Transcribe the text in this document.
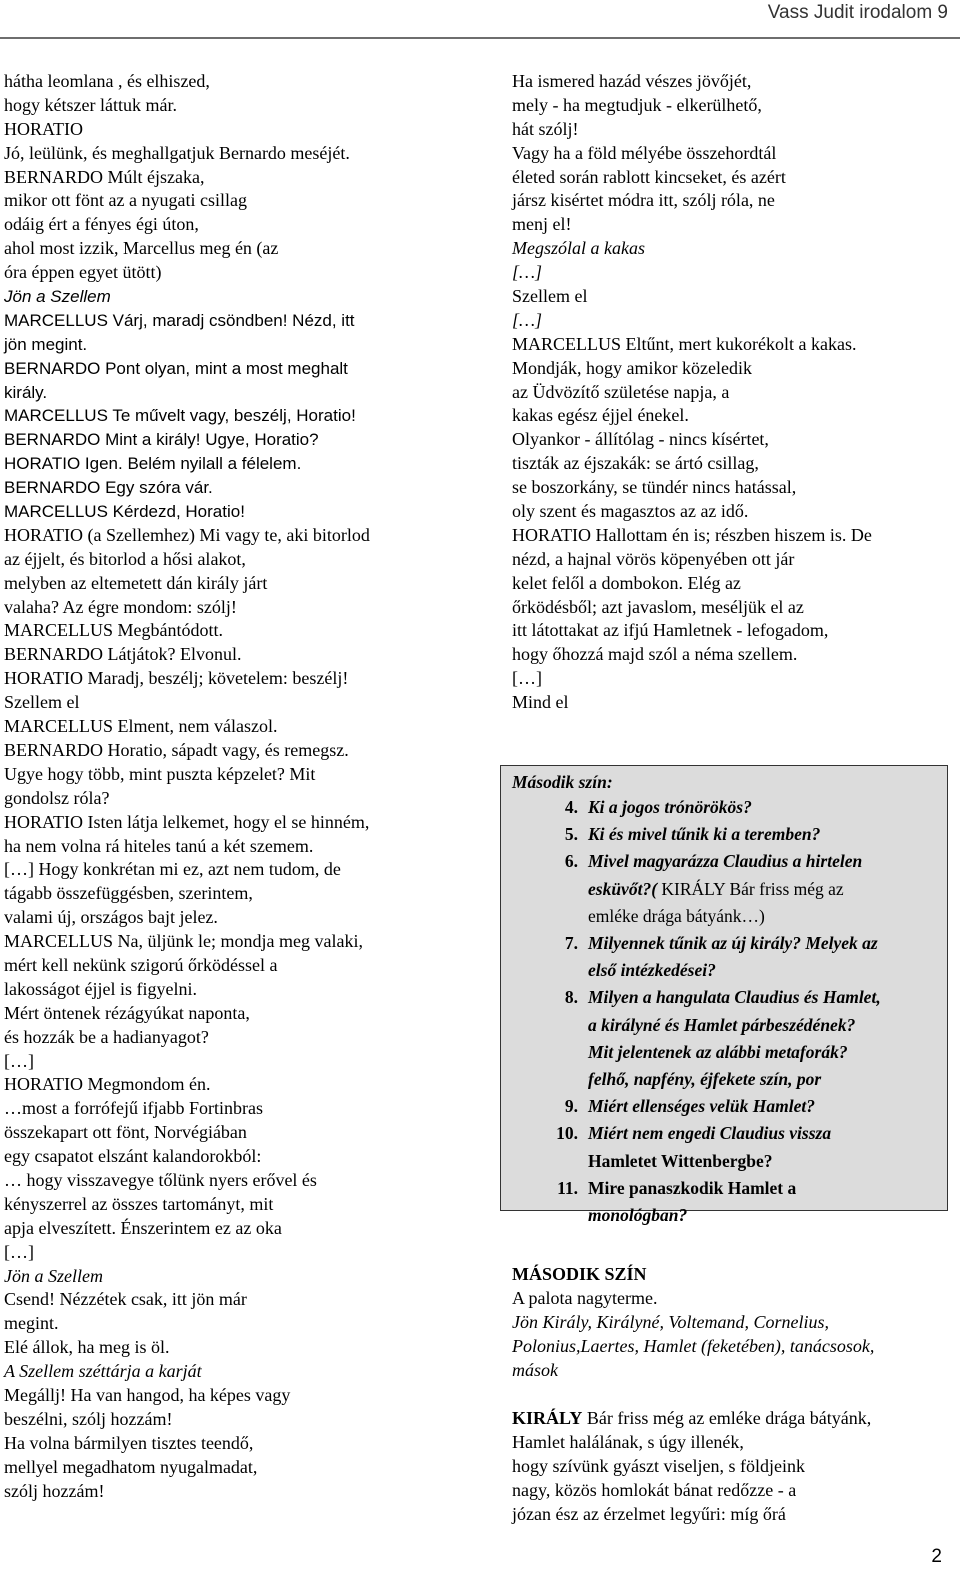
Vass Judit irodalom 9
hátha leomlana , és elhiszed,
hogy kétszer láttuk már.
HORATIO
Jó, leülünk, és meghallgatjuk Bernardo meséjét.
BERNARDO Múlt éjszaka,
mikor ott fönt az a nyugati csillag
odáig ért a fényes égi úton,
ahol most izzik, Marcellus meg én (az
óra éppen egyet ütött)
Jön a Szellem
MARCELLUS Várj, maradj csöndben! Nézd, itt
jön megint.
BERNARDO Pont olyan, mint a most meghalt
király.
MARCELLUS Te művelt vagy, beszélj, Horatio!
BERNARDO Mint a király! Ugye, Horatio?
HORATIO Igen. Belém nyilall a félelem.
BERNARDO Egy szóra vár.
MARCELLUS Kérdezd, Horatio!
HORATIO (a Szellemhez) Mi vagy te, aki bitorlod
az éjjelt, és bitorlod a hősi alakot,
melyben az eltemetett dán király járt
valaha? Az égre mondom: szólj!
MARCELLUS Megbántódott.
BERNARDO Látjátok? Elvonul.
HORATIO Maradj, beszélj; követelem: beszélj!
Szellem el
MARCELLUS Elment, nem válaszol.
BERNARDO Horatio, sápadt vagy, és remegsz.
Ugye hogy több, mint puszta képzelet? Mit
gondolsz róla?
HORATIO Isten látja lelkemet, hogy el se hinném,
ha nem volna rá hiteles tanú a két szemem.
[…] Hogy konkrétan mi ez, azt nem tudom, de
tágabb összefüggésben, szerintem,
valami új, országos bajt jelez.
MARCELLUS Na, üljünk le; mondja meg valaki,
mért kell nekünk szigorú őrködéssel a
lakosságot éjjel is figyelni.
Mért öntenek rézágyúkat naponta,
és hozzák be a hadianyagot?
[…]
HORATIO Megmondom én.
…most a forrófejű ifjabb Fortinbras
összekapart ott fönt, Norvégiában
egy csapatot elszánt kalandorokból:
… hogy visszavegye tőlünk nyers erővel és
kényszerrel az összes tartományt, mit
apja elveszített. Énszerintem ez az oka
[…]
Jön a Szellem
Csend! Nézzétek csak, itt jön már
megint.
Elé állok, ha meg is öl.
A Szellem széttárja a karját
Megállj! Ha van hangod, ha képes vagy
beszélni, szólj hozzám!
Ha volna bármilyen tisztes teendő,
mellyel megadhatom nyugalmadat,
szólj hozzám!
Ha ismered hazád vészes jövőjét,
mely - ha megtudjuk - elkerülhető,
hát szólj!
Vagy ha a föld mélyébe összehordtál
életed során rablott kincseket, és azért
jársz kisértet módra itt, szólj róla, ne
menj el!
Megszólal a kakas
[…]
Szellem el
[…]
MARCELLUS Eltűnt, mert kukorékolt a kakas.
Mondják, hogy amikor közeledik
az Üdvözítő születése napja, a
kakas egész éjjel énekel.
Olyankor - állítólag - nincs kísértet,
tiszták az éjszakák: se ártó csillag,
se boszorkány, se tündér nincs hatással,
oly szent és magasztos az az idő.
HORATIO Hallottam én is; részben hiszem is. De
nézd, a hajnal vörös köpenyében ott jár
kelet felől a dombokon. Elég az
őrködésből; azt javaslom, meséljük el az
itt látottakat az ifjú Hamletnek - lefogadom,
hogy őhozzá majd szól a néma szellem.
[…]
Mind el
Második szín:
4. Ki a jogos trónörökös?
5. Ki és mivel tűnik ki a teremben?
6. Mivel magyarázza Claudius a hirtelen
esküvőt?( KIRÁLY Bár friss még az
emléke drága bátyánk…)
7. Milyennek tűnik az új király? Melyek az
első intézkedései?
8. Milyen a hangulata Claudius és Hamlet,
a királyné és Hamlet párbeszédének?
Mit jelentenek az alábbi metaforák?
felhő, napfény, éjfekete szín, por
9. Miért ellenséges velük Hamlet?
10. Miért nem engedi Claudius vissza
Hamletet Wittenbergbe?
11. Mire panaszkodik Hamlet a
monológban?
MÁSODIK SZÍN
A palota nagyterme.
Jön Király, Királyné, Voltemand, Cornelius,
Polonius,Laertes, Hamlet (feketében), tanácsosok,
mások
KIRÁLY Bár friss még az emléke drága bátyánk,
Hamlet halálának, s úgy illenék,
hogy szívünk gyászt viseljen, s földjeink
nagy, közös homlokát bánat redőzze - a
józan ész az érzelmet legyűri: míg őrá
2
